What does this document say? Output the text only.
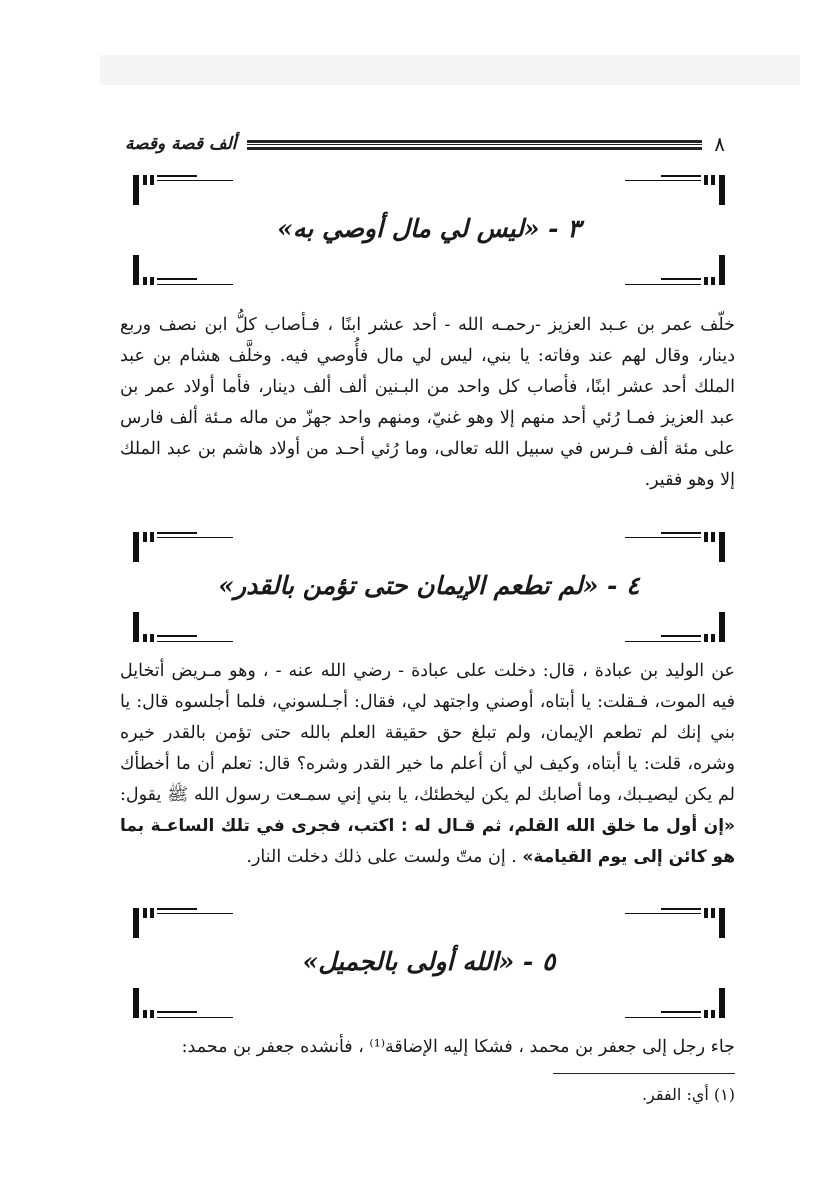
ألف قصة وقصة	٨
٣ - «ليس لي مال أوصي به»
خلّف عمر بن عـبد العزيز -رحمـه الله - أحد عشر ابنًا ، فـأصاب كلُّ ابن نصف وربع دينار، وقال لهم عند وفاته: يا بني، ليس لي مال فأُوصي فيه. وخلَّف هشام بن عبد الملك أحد عشر ابنًا، فأصاب كل واحد من البـنين ألف ألف دينار، فأما أولاد عمر بن عبد العزيز فمـا رُئي أحد منهم إلا وهو غنيّ، ومنهم واحد جهزّ من ماله مـئة ألف فارس على مئة ألف فـرس في سبيل الله تعالى، وما رُئي أحـد من أولاد هاشم بن عبد الملك إلا وهو فقير.
٤ - «لم تطعم الإيمان حتى تؤمن بالقدر»
عن الوليد بن عبادة ، قال: دخلت على عبادة - رضي الله عنه - ، وهو مـريض أتخايل فيه الموت، فـقلت: يا أبتاه، أوصني واجتهد لي، فقال: أجـلسوني، فلما أجلسوه قال: يا بني إنك لم تطعم الإيمان، ولم تبلغ حق حقيقة العلم بالله حتى تؤمن بالقدر خيره وشره، قلت: يا أبتاه، وكيف لي أن أعلم ما خير القدر وشره؟ قال: تعلم أن ما أخطأك لم يكن ليصيـبك، وما أصابك لم يكن ليخطئك، يا بني إني سمـعت رسول الله ﷺ يقول: «إن أول ما خلق الله القلم، ثم قـال له : اكتب، فجرى في تلك الساعـة بما هو كائن إلى يوم القيامة» . إن متّ ولست على ذلك دخلت النار.
٥ - «الله أولى بالجميل»
جاء رجل إلى جعفر بن محمد ، فشكا إليه الإضاقة⁽¹⁾ ، فأنشده جعفر بن محمد:
(١) أي: الفقر.
